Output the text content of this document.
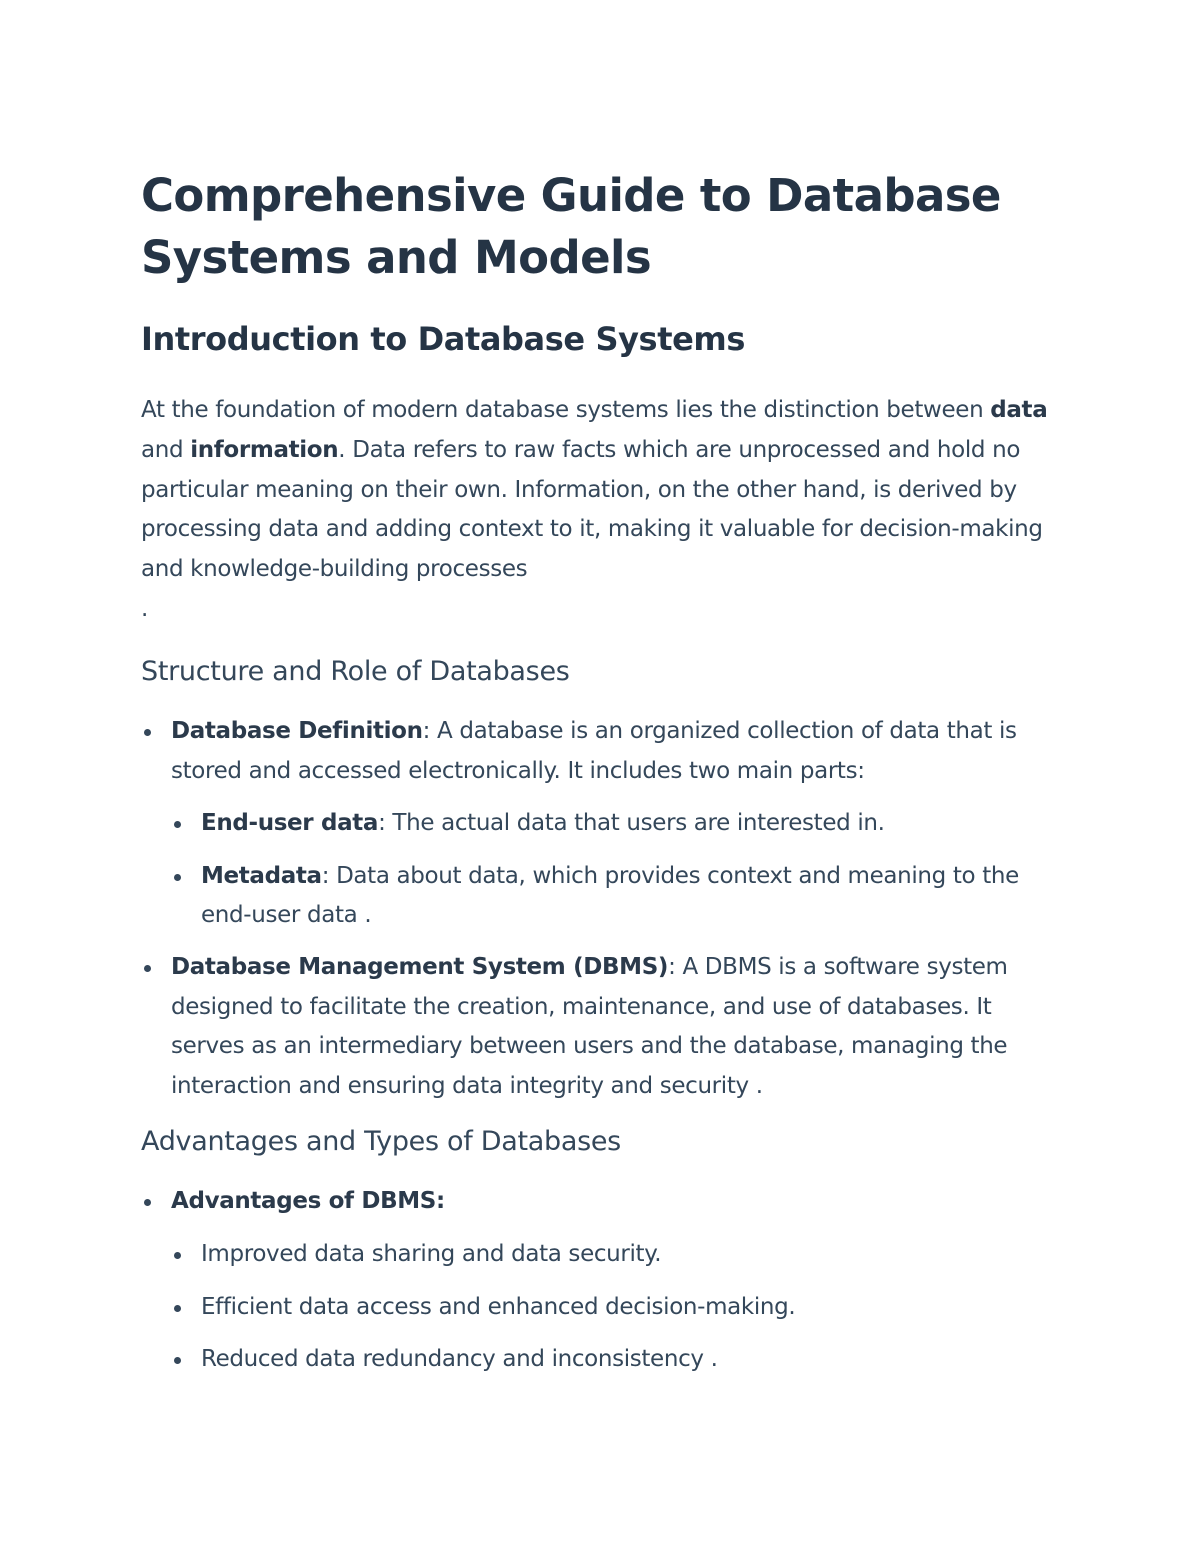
Comprehensive Guide to Database Systems and Models
Introduction to Database Systems

At the foundation of modern database systems lies the distinction between data and information. Data refers to raw facts which are unprocessed and hold no particular meaning on their own. Information, on the other hand, is derived by processing data and adding context to it, making it valuable for decision-making and knowledge-building processes
.

Structure and Role of Databases
Database Definition: A database is an organized collection of data that is stored and accessed electronically. It includes two main parts:
End-user data: The actual data that users are interested in.
Metadata: Data about data, which provides context and meaning to the end-user data .
Database Management System (DBMS): A DBMS is a software system designed to facilitate the creation, maintenance, and use of databases. It serves as an intermediary between users and the database, managing the interaction and ensuring data integrity and security .
Advantages and Types of Databases
Advantages of DBMS:
Improved data sharing and data security.
Efficient data access and enhanced decision-making.
Reduced data redundancy and inconsistency .
